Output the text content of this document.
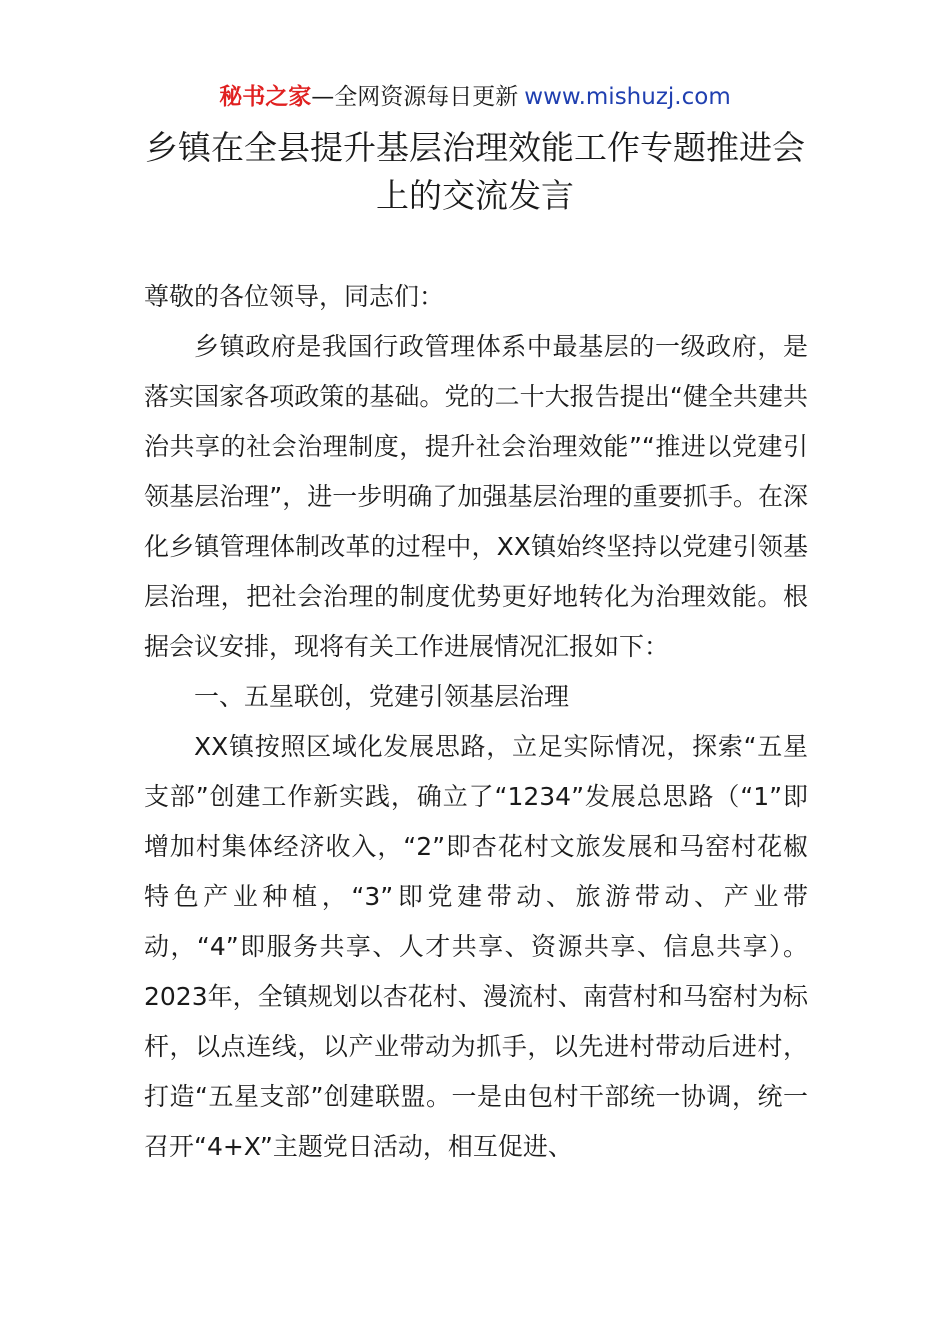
秘书之家—全网资源每日更新 www.mishuzj.com
乡镇在全县提升基层治理效能工作专题推进会上的交流发言

尊敬的各位领导，同志们：

乡镇政府是我国行政管理体系中最基层的一级政府，是落实国家各项政策的基础。党的二十大报告提出“健全共建共治共享的社会治理制度，提升社会治理效能”“推进以党建引领基层治理”，进一步明确了加强基层治理的重要抓手。在深化乡镇管理体制改革的过程中，XX镇始终坚持以党建引领基层治理，把社会治理的制度优势更好地转化为治理效能。根据会议安排，现将有关工作进展情况汇报如下：

一、五星联创，党建引领基层治理

XX镇按照区域化发展思路，立足实际情况，探索“五星支部”创建工作新实践，确立了“1234”发展总思路（“1”即增加村集体经济收入，“2”即杏花村文旅发展和马窑村花椒特色产业种植，“3”即党建带动、旅游带动、产业带动，“4”即服务共享、人才共享、资源共享、信息共享）。2023年，全镇规划以杏花村、漫流村、南营村和马窑村为标杆，以点连线，以产业带动为抓手，以先进村带动后进村，打造“五星支部”创建联盟。一是由包村干部统一协调，统一召开“4+X”主题党日活动，相互促进、
